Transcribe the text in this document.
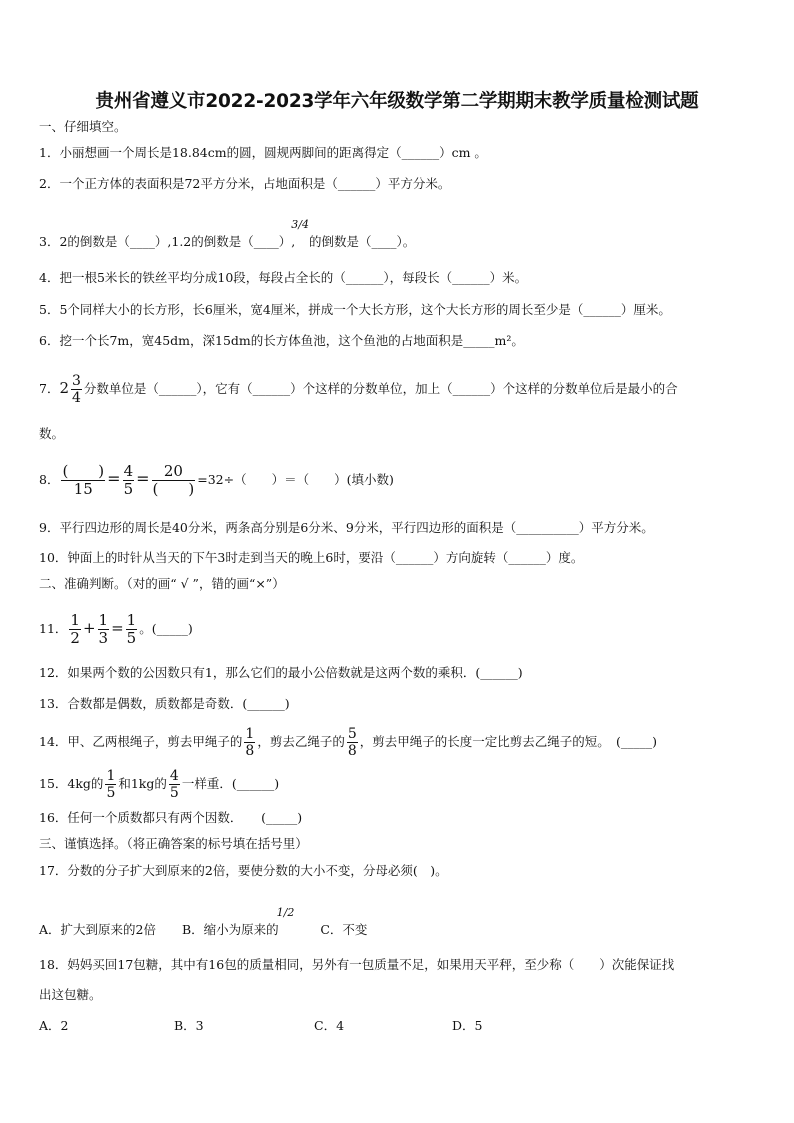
贵州省遵义市2022-2023学年六年级数学第二学期期末教学质量检测试题
一、仔细填空。
1．小丽想画一个周长是18.84cm的圆，圆规两脚间的距离得定（______）cm 。
2．一个正方体的表面积是72平方分米，占地面积是（______）平方分米。
3．2的倒数是（____）,1.2的倒数是（____）,3/4的倒数是（____）。
4．把一根5米长的铁丝平均分成10段，每段占全长的（______），每段长（______）米。
5．5个同样大小的长方形，长6厘米，宽4厘米，拼成一个大长方形，这个大长方形的周长至少是（______）厘米。
6．挖一个长7m，宽45dm，深15dm的长方体鱼池，这个鱼池的占地面积是_____m²。
7．$2 \frac{3}{4}$ 分数单位是（______），它有（______）个这样的分数单位，加上（______）个这样的分数单位后是最小的合
数。
8． $\frac{( )}{15} = \frac{4}{5} = \frac{20}{( )} =32\div$（　　）＝（　　）(填小数)
9．平行四边形的周长是40分米，两条高分别是6分米、9分米，平行四边形的面积是（__________）平方分米。
10．钟面上的时针从当天的下午3时走到当天的晚上6时，要沿（______）方向旋转（______）度。
二、准确判断。（对的画“ √ ”，错的画“×”）
11． $\frac{1}{2} + \frac{1}{3} = \frac{1}{5}$ 。(_____)
12．如果两个数的公因数只有1，那么它们的最小公倍数就是这两个数的乘积．(______)
13．合数都是偶数，质数都是奇数．(______)
14．甲、乙两根绳子，剪去甲绳子的 $\frac{1}{8}$ ，剪去乙绳子的 $\frac{5}{8}$ ，剪去甲绳子的长度一定比剪去乙绳子的短。　(_____)
15．4kg的 $\frac{1}{5}$ 和1kg的 $\frac{4}{5}$ 一样重．(______)
16．任何一个质数都只有两个因数．　　(_____)
三、谨慎选择。（将正确答案的标号填在括号里）
17．分数的分子扩大到原来的2倍，要使分数的大小不变，分母必须(　)。
A．扩大到原来的2倍 B．缩小为原来的1/2 C．不变
18．妈妈买回17包糖，其中有16包的质量相同，另外有一包质量不足，如果用天平秤，至少称（　　）次能保证找
出这包糖。
A．2	B．3	C．4	D．5
